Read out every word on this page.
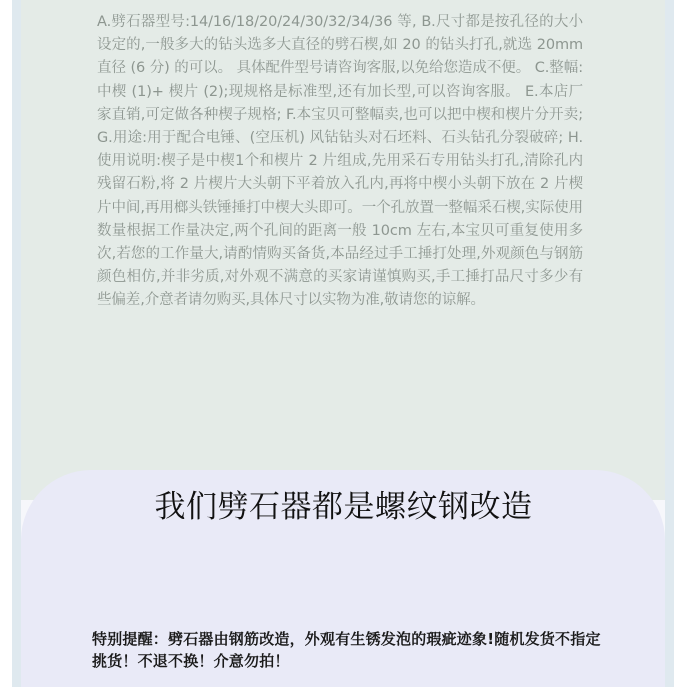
A.劈石器型号:14/16/18/20/24/30/32/34/36 等, B.尺寸都是按孔径的大小设定的,一般多大的钻头选多大直径的劈石楔,如 20 的钻头打孔,就选 20mm 直径 (6 分) 的可以。 具体配件型号请咨询客服,以免给您造成不便。 C.整幅:中楔 (1)+ 楔片 (2);现规格是标准型,还有加长型,可以咨询客服。 E.本店厂家直销,可定做各种楔子规格; F.本宝贝可整幅卖,也可以把中楔和楔片分开卖; G.用途:用于配合电锤、(空压机) 风钻钻头对石坯料、石头钻孔分裂破碎; H.使用说明:楔子是中楔1个和楔片 2 片组成,先用采石专用钻头打孔,清除孔内残留石粉,将 2 片楔片大头朝下平着放入孔内,再将中楔小头朝下放在 2 片楔片中间,再用榔头铁锤捶打中楔大头即可。一个孔放置一整幅采石楔,实际使用数量根据工作量决定,两个孔间的距离一般 10cm 左右,本宝贝可重复使用多次,若您的工作量大,请酌情购买备货,本品经过手工捶打处理,外观颜色与钢筋颜色相仿,并非劣质,对外观不满意的买家请谨慎购买,手工捶打品尺寸多少有些偏差,介意者请勿购买,具体尺寸以实物为准,敬请您的谅解。

我们劈石器都是螺纹钢改造

特别提醒：劈石器由钢筋改造，外观有生锈发泡的瑕疵迹象!随机发货不指定挑货！不退不换！介意勿拍！
